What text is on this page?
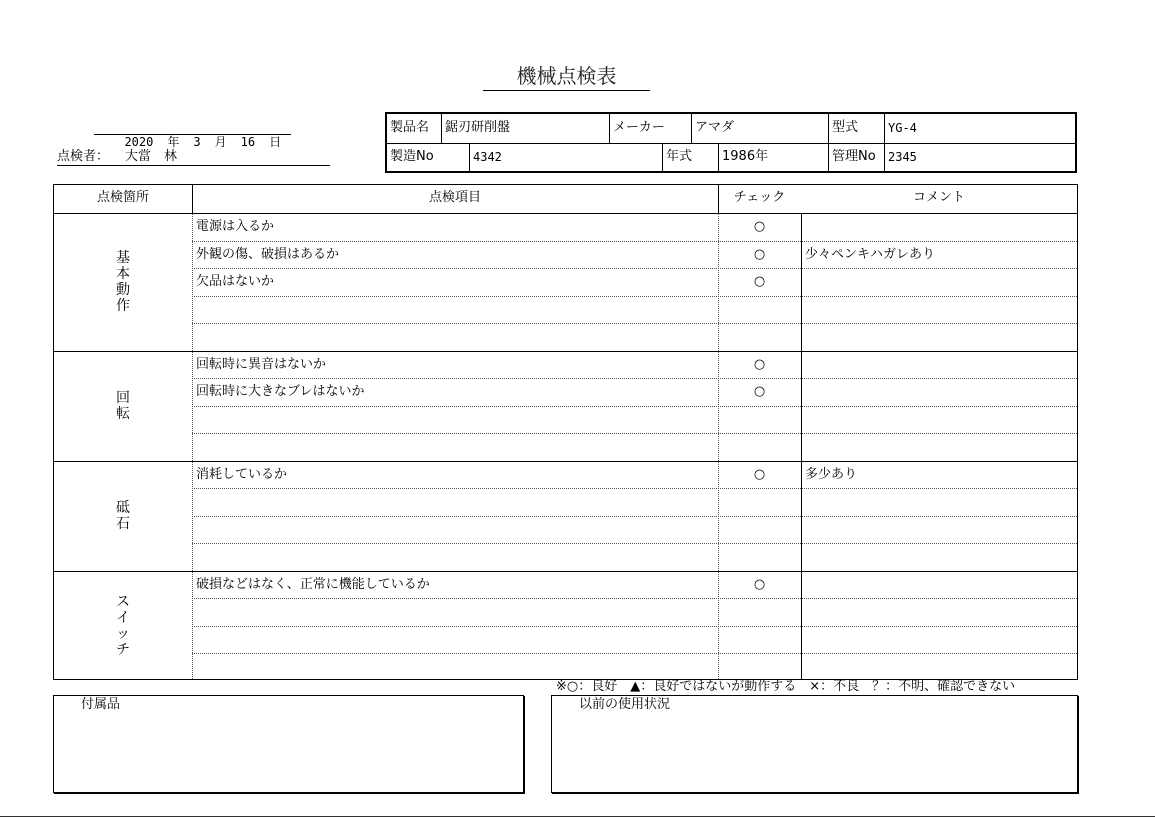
機械点検表

2020 年 3 月 16 日

点検者： 大當　林
製品名 鋸刃研削盤	メーカー アマダ	型式 YG-4
製造No	4342	年式 1986年	管理No 2345
点検箇所	点検項目	チェック	コメント
基本動作
電源は入るか	○
外観の傷、破損はあるか	○	少々ペンキハガレあり
欠品はないか	○
回転
回転時に異音はないか	○
回転時に大きなブレはないか	○
砥石
消耗しているか	○	多少あり
スイッチ
破損などはなく、正常に機能しているか	○
※○：良好　▲：良好ではないが動作する　×：不良　？：不明、確認できない
付属品	以前の使用状況
